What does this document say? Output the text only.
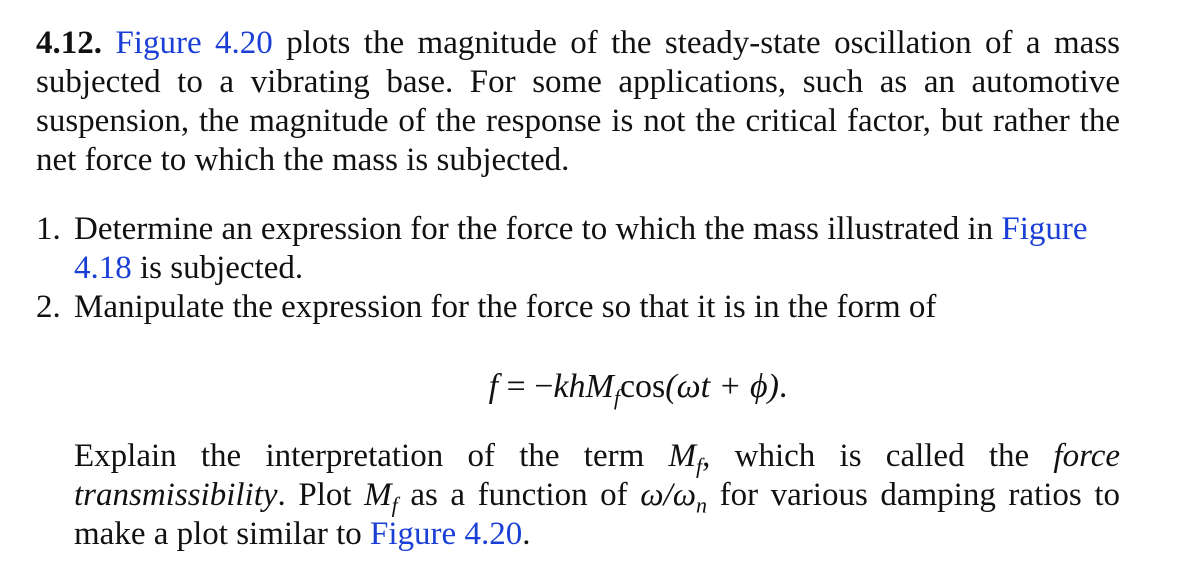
4.12. Figure 4.20 plots the magnitude of the steady-state oscillation of a mass subjected to a vibrating base. For some applications, such as an automotive suspension, the magnitude of the response is not the critical factor, but rather the net force to which the mass is subjected.

1. Determine an expression for the force to which the mass illustrated in Figure 4.18 is subjected.
2. Manipulate the expression for the force so that it is in the form of
f = −khM$_f$cos(ωt + ϕ).

Explain the interpretation of the term $M_f$, which is called the force transmissibility. Plot $M_f$ as a function of $\omega/\omega_n$ for various damping ratios to make a plot similar to Figure 4.20.
